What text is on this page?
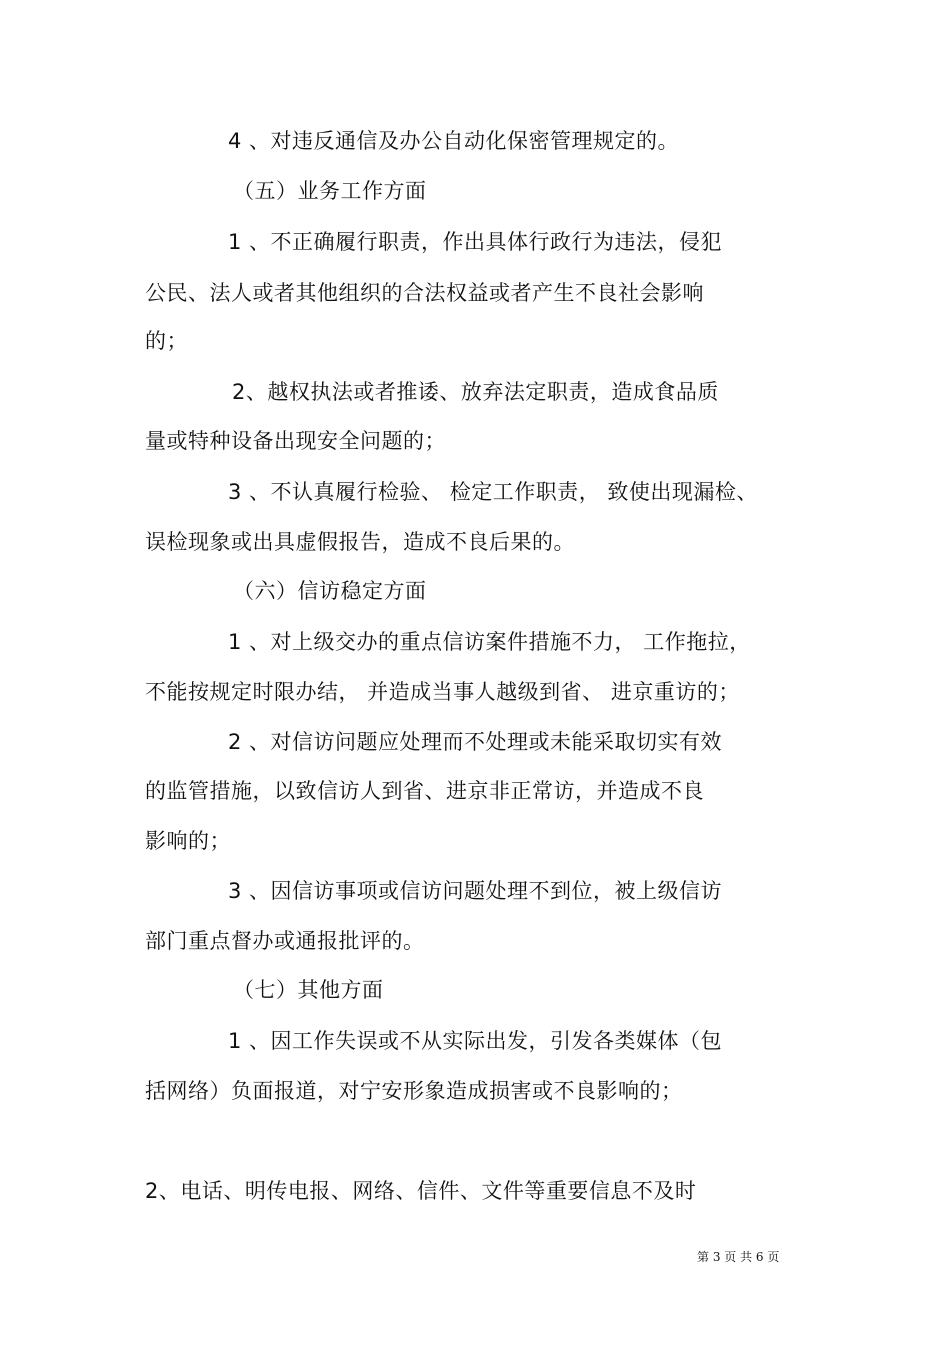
4 、对违反通信及办公自动化保密管理规定的。
（五）业务工作方面
1 、不正确履行职责，作出具体行政行为违法，侵犯
公民、法人或者其他组织的合法权益或者产生不良社会影响
的；
2、越权执法或者推诿、放弃法定职责，造成食品质
量或特种设备出现安全问题的；
3 、不认真履行检验、 检定工作职责， 致使出现漏检、
误检现象或出具虚假报告，造成不良后果的。
（六）信访稳定方面
1 、对上级交办的重点信访案件措施不力， 工作拖拉，
不能按规定时限办结， 并造成当事人越级到省、 进京重访的；
2 、对信访问题应处理而不处理或未能采取切实有效
的监管措施，以致信访人到省、进京非正常访，并造成不良
影响的；
3 、因信访事项或信访问题处理不到位，被上级信访
部门重点督办或通报批评的。
（七）其他方面
1 、因工作失误或不从实际出发，引发各类媒体（包
括网络）负面报道，对宁安形象造成损害或不良影响的；
2、电话、明传电报、网络、信件、文件等重要信息不及时
第 3 页 共 6 页
